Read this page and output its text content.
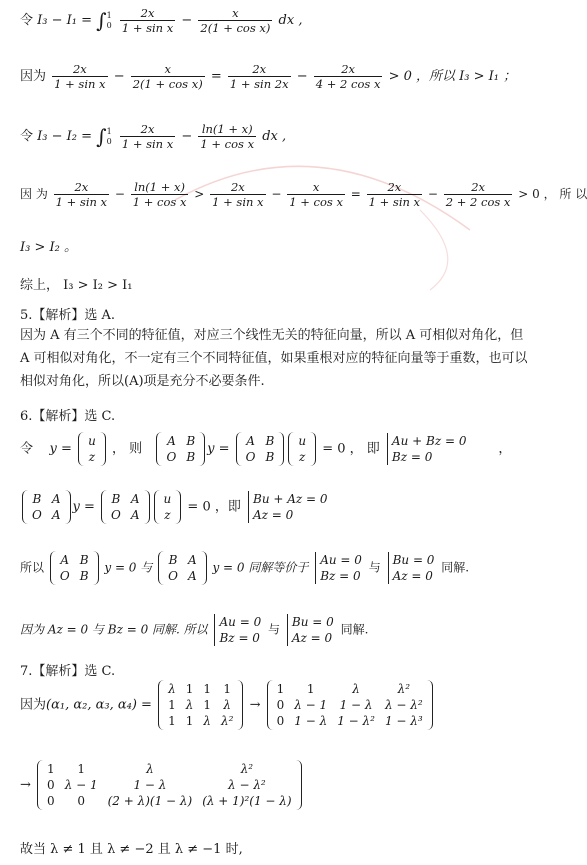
令 I₃ − I₁ = ∫1
$0 \frac{2x}{\text{1 + sin x}} - \frac{x}{\text{2(1 + cos x)}}$ dx ,
因为 $\frac{2x}{\text{1 + sin x}} - \frac{x}{\text{2(1 + cos x)}} = \frac{2x}{1 + \sin 2x} - \frac{2x}{\text{4 + 2 cos x}} > 0$ ，所以 I₃ > I₁ ；
令 I₃ − I₂ = ∫1
$0 \frac{2x}{\text{1 + sin x}} - \frac{\ln(1 + x)}{\text{1 + cos x}}$ dx ,
因 为 $\frac{2x}{\text{1 + sin x}} - \frac{\ln(1 + x)}{\text{1 + cos x}} > \frac{2x}{\text{1 + sin x}} - \frac{x}{\text{1 + cos x}} = \frac{2x}{\text{1 + sin x}} - \frac{2x}{\text{2 + 2 cos x}} > 0$ ， 所 以
I₃ > I₂ 。
综上， I₃ > I₂ > I₁
5.【解析】选 A.
因为 A 有三个不同的特征值，对应三个线性无关的特征向量，所以 A 可相似对角化，但 A 可相似对角化，不一定有三个不同特征值，如果重根对应的特征向量等于重数，也可以相似对角化，所以(A)项是充分不必要条件.
6.【解析】选 C.
令 y =
u
z
， 则
A	B
O	B
y =
A	B
O	B
u
z
= 0 ， 即
Au + Bz = 0
Bz = 0
，
B	A
O	A
y =
B	A
O	A
u
z
= 0 ，即
Bu + Az = 0
Az = 0
所以
A	B
O	B
y = 0 与
B	A
O	A
y = 0 同解等价于
Au = 0
Bz = 0
与
Bu = 0
Az = 0
同解.
因为 Az = 0 与 Bz = 0 同解. 所以
Au = 0
Bz = 0
与
Bu = 0
Az = 0
同解.
7.【解析】选 C.
因为(α₁, α₂, α₃, α₄) =
λ	1	1	1
1	λ	1	λ
1	1	λ	λ²
→
1	1	λ	λ²
0	λ − 1	1 − λ	λ − λ²
0	1 − λ	1 − λ²	1 − λ³
→
1	1	λ	λ²
0	λ − 1	1 − λ	λ − λ²
0	0	(2 + λ)(1 − λ)	(λ + 1)²(1 − λ)
故当 λ ≠ 1 且 λ ≠ −2 且 λ ≠ −1 时,
